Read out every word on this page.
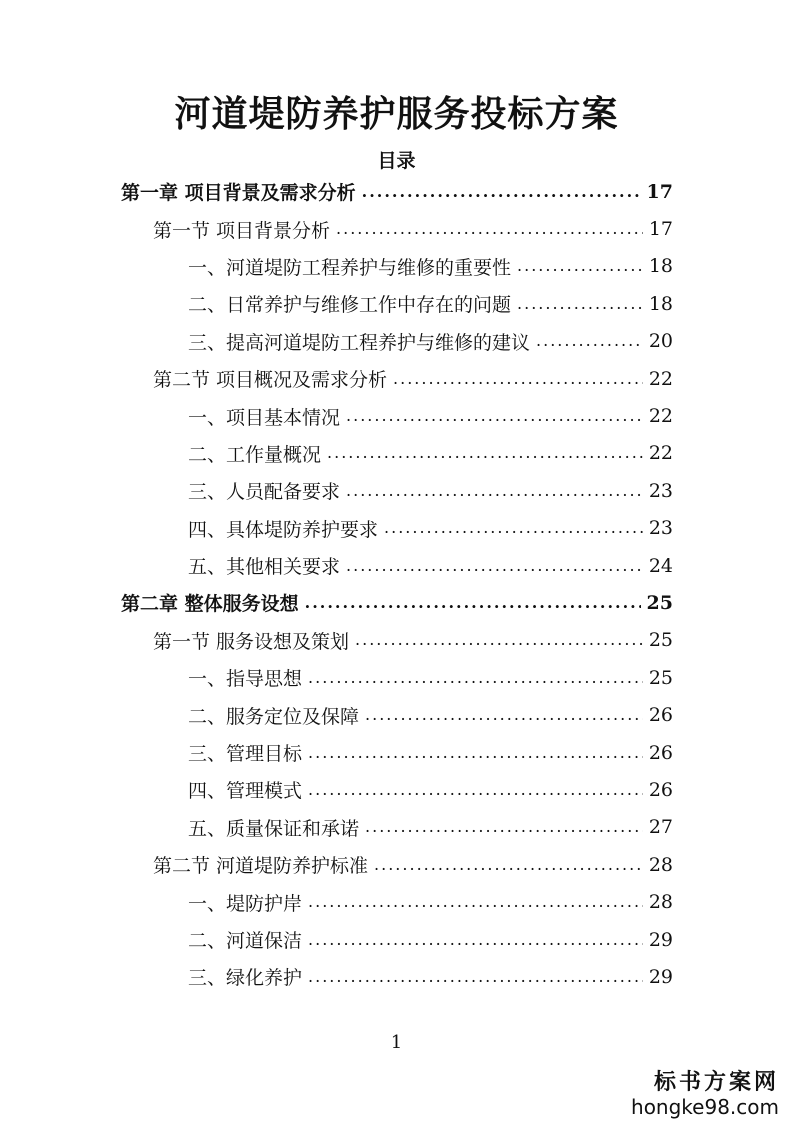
河道堤防养护服务投标方案
目录
第一章 项目背景及需求分析 .....	17
第一节 项目背景分析 .....	17
一、河道堤防工程养护与维修的重要性 .....	18
二、日常养护与维修工作中存在的问题 .....	18
三、提高河道堤防工程养护与维修的建议 .....	20
第二节 项目概况及需求分析 .....	22
一、项目基本情况 .....	22
二、工作量概况 .....	22
三、人员配备要求 .....	23
四、具体堤防养护要求 .....	23
五、其他相关要求 .....	24
第二章 整体服务设想 .....	25
第一节 服务设想及策划 .....	25
一、指导思想 .....	25
二、服务定位及保障 .....	26
三、管理目标 .....	26
四、管理模式 .....	26
五、质量保证和承诺 .....	27
第二节 河道堤防养护标准 .....	28
一、堤防护岸 .....	28
二、河道保洁 .....	29
三、绿化养护 .....	29
1
标书方案网
hongke98.com
